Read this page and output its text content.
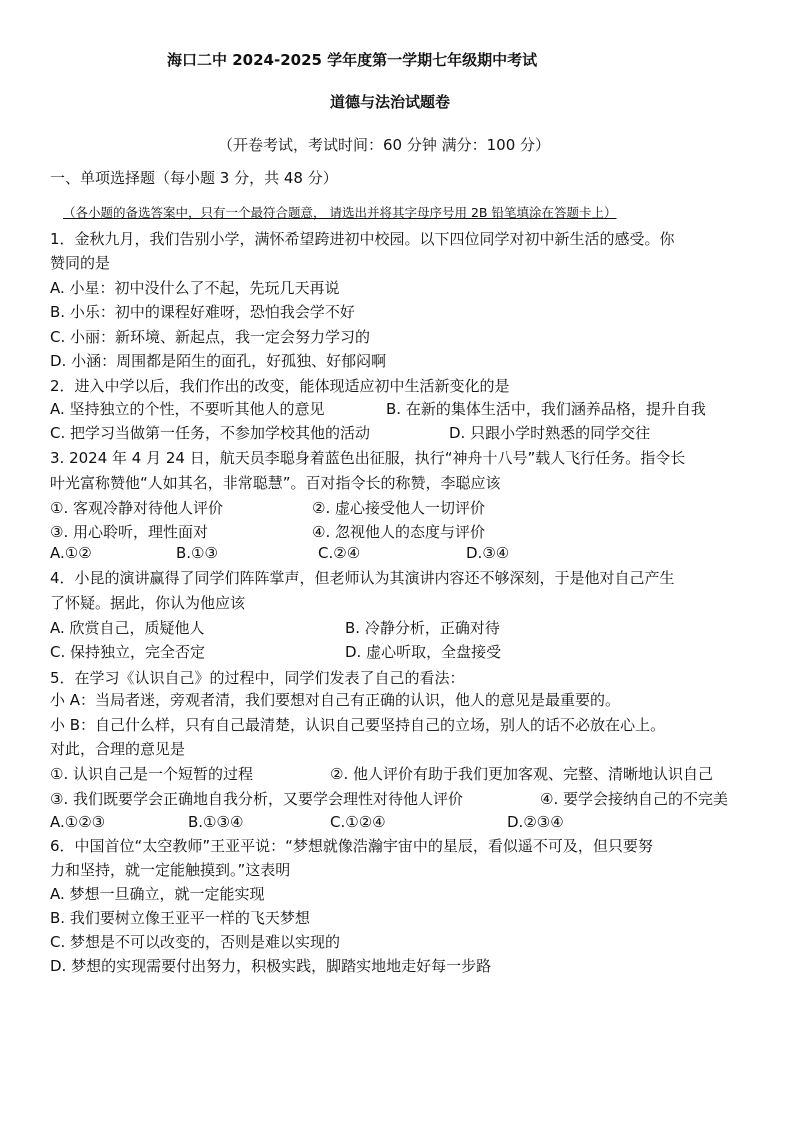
海口二中 2024-2025 学年度第一学期七年级期中考试
道德与法治试题卷
（开卷考试，考试时间：60 分钟 满分：100 分）
一、单项选择题（每小题 3 分，共 48 分）
（各小题的备选答案中，只有一个最符合题意， 请选出并将其字母序号用 2B 铅笔填涂在答题卡上）
1．金秋九月，我们告别小学，满怀希望跨进初中校园。以下四位同学对初中新生活的感受。你
赞同的是
A. 小星：初中没什么了不起，先玩几天再说
B. 小乐：初中的课程好难呀，恐怕我会学不好
C. 小丽：新环境、新起点，我一定会努力学习的
D. 小涵：周围都是陌生的面孔，好孤独、好郁闷啊
2．进入中学以后，我们作出的改变，能体现适应初中生活新变化的是
A. 坚持独立的个性，不要听其他人的意见	B. 在新的集体生活中，我们涵养品格，提升自我
C. 把学习当做第一任务，不参加学校其他的活动	D. 只跟小学时熟悉的同学交往
3. 2024 年 4 月 24 日，航天员李聪身着蓝色出征服，执行“神舟十八号”载人飞行任务。指令长
叶光富称赞他“人如其名，非常聪慧”。百对指令长的称赞，李聪应该
①. 客观冷静对待他人评价	②. 虚心接受他人一切评价
③. 用心聆听，理性面对	④. 忽视他人的态度与评价
A.①②	B.①③	C.②④	D.③④
4．小昆的演讲赢得了同学们阵阵掌声，但老师认为其演讲内容还不够深刻，于是他对自己产生
了怀疑。据此，你认为他应该
A. 欣赏自己，质疑他人	B. 冷静分析，正确对待
C. 保持独立，完全否定	D. 虚心听取，全盘接受
5．在学习《认识自己》的过程中，同学们发表了自己的看法：
小 A：当局者迷，旁观者清，我们要想对自己有正确的认识，他人的意见是最重要的。
小 B：自己什么样，只有自己最清楚，认识自己要坚持自己的立场，别人的话不必放在心上。
对此，合理的意见是
①. 认识自己是一个短暂的过程	②. 他人评价有助于我们更加客观、完整、清晰地认识自己
③. 我们既要学会正确地自我分析，又要学会理性对待他人评价	④. 要学会接纳自己的不完美
A.①②③	B.①③④	C.①②④	D.②③④
6．中国首位“太空教师”王亚平说：“梦想就像浩瀚宇宙中的星辰，看似遥不可及，但只要努
力和坚持，就一定能触摸到。”这表明
A. 梦想一旦确立，就一定能实现
B. 我们要树立像王亚平一样的飞天梦想
C. 梦想是不可以改变的，否则是难以实现的
D. 梦想的实现需要付出努力，积极实践，脚踏实地地走好每一步路
